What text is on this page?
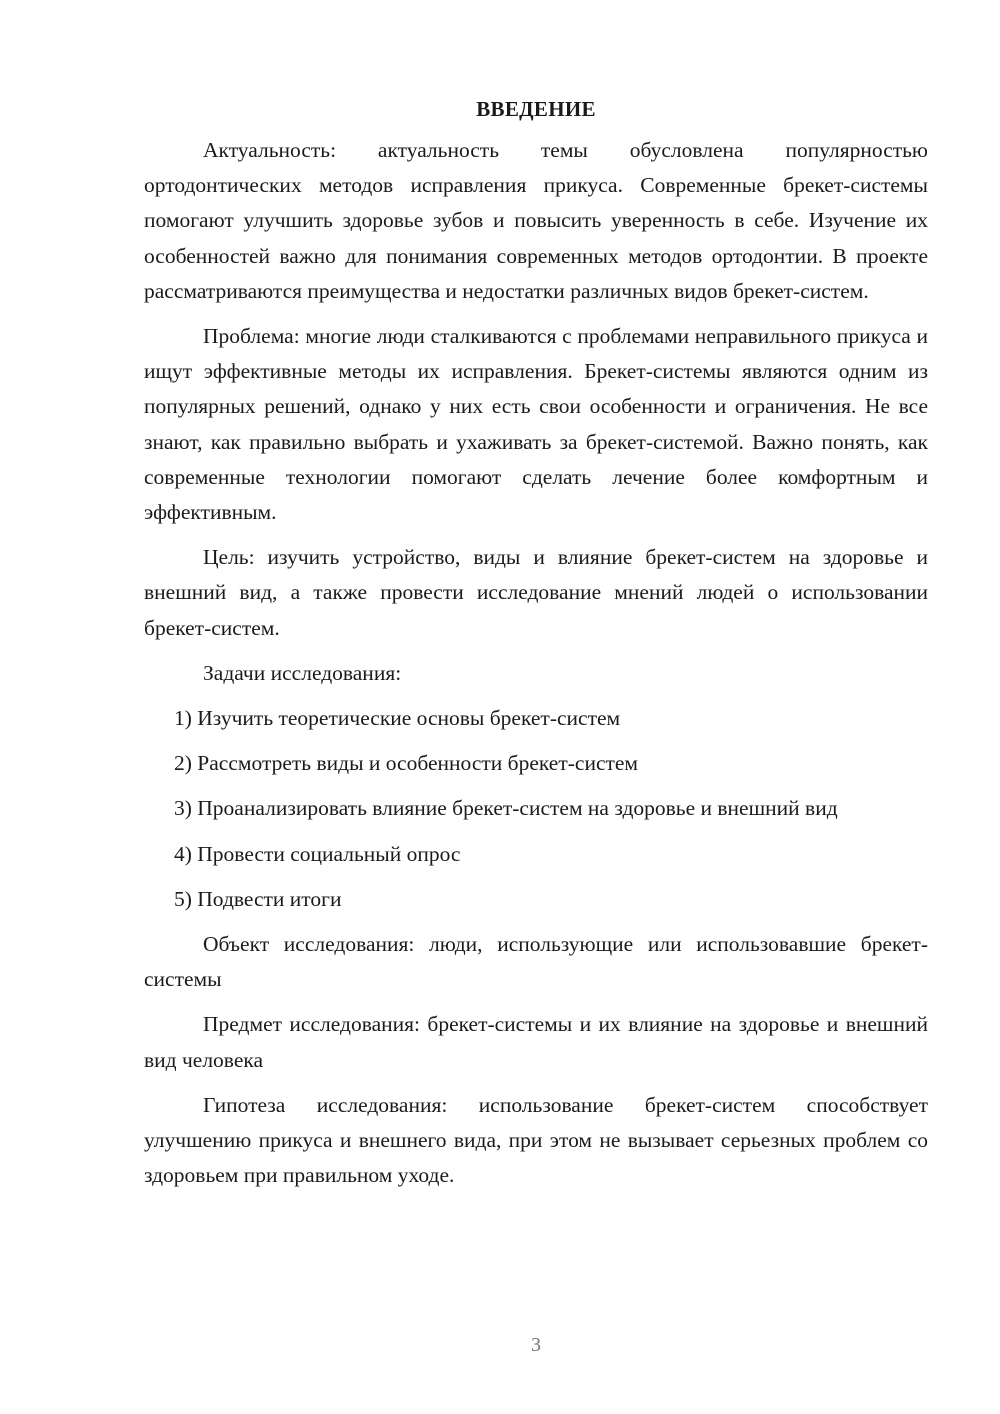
ВВЕДЕНИЕ

Актуальность: актуальность темы обусловлена популярностью ортодонтических методов исправления прикуса. Современные брекет-системы помогают улучшить здоровье зубов и повысить уверенность в себе. Изучение их особенностей важно для понимания современных методов ортодонтии. В проекте рассматриваются преимущества и недостатки различных видов брекет-систем.

Проблема: многие люди сталкиваются с проблемами неправильного прикуса и ищут эффективные методы их исправления. Брекет-системы являются одним из популярных решений, однако у них есть свои особенности и ограничения. Не все знают, как правильно выбрать и ухаживать за брекет-системой. Важно понять, как современные технологии помогают сделать лечение более комфортным и эффективным.

Цель: изучить устройство, виды и влияние брекет-систем на здоровье и внешний вид, а также провести исследование мнений людей о использовании брекет-систем.

Задачи исследования:

1) Изучить теоретические основы брекет-систем

2) Рассмотреть виды и особенности брекет-систем

3) Проанализировать влияние брекет-систем на здоровье и внешний вид

4) Провести социальный опрос

5) Подвести итоги

Объект исследования: люди, использующие или использовавшие брекет-системы

Предмет исследования: брекет-системы и их влияние на здоровье и внешний вид человека

Гипотеза исследования: использование брекет-систем способствует улучшению прикуса и внешнего вида, при этом не вызывает серьезных проблем со здоровьем при правильном уходе.

3
